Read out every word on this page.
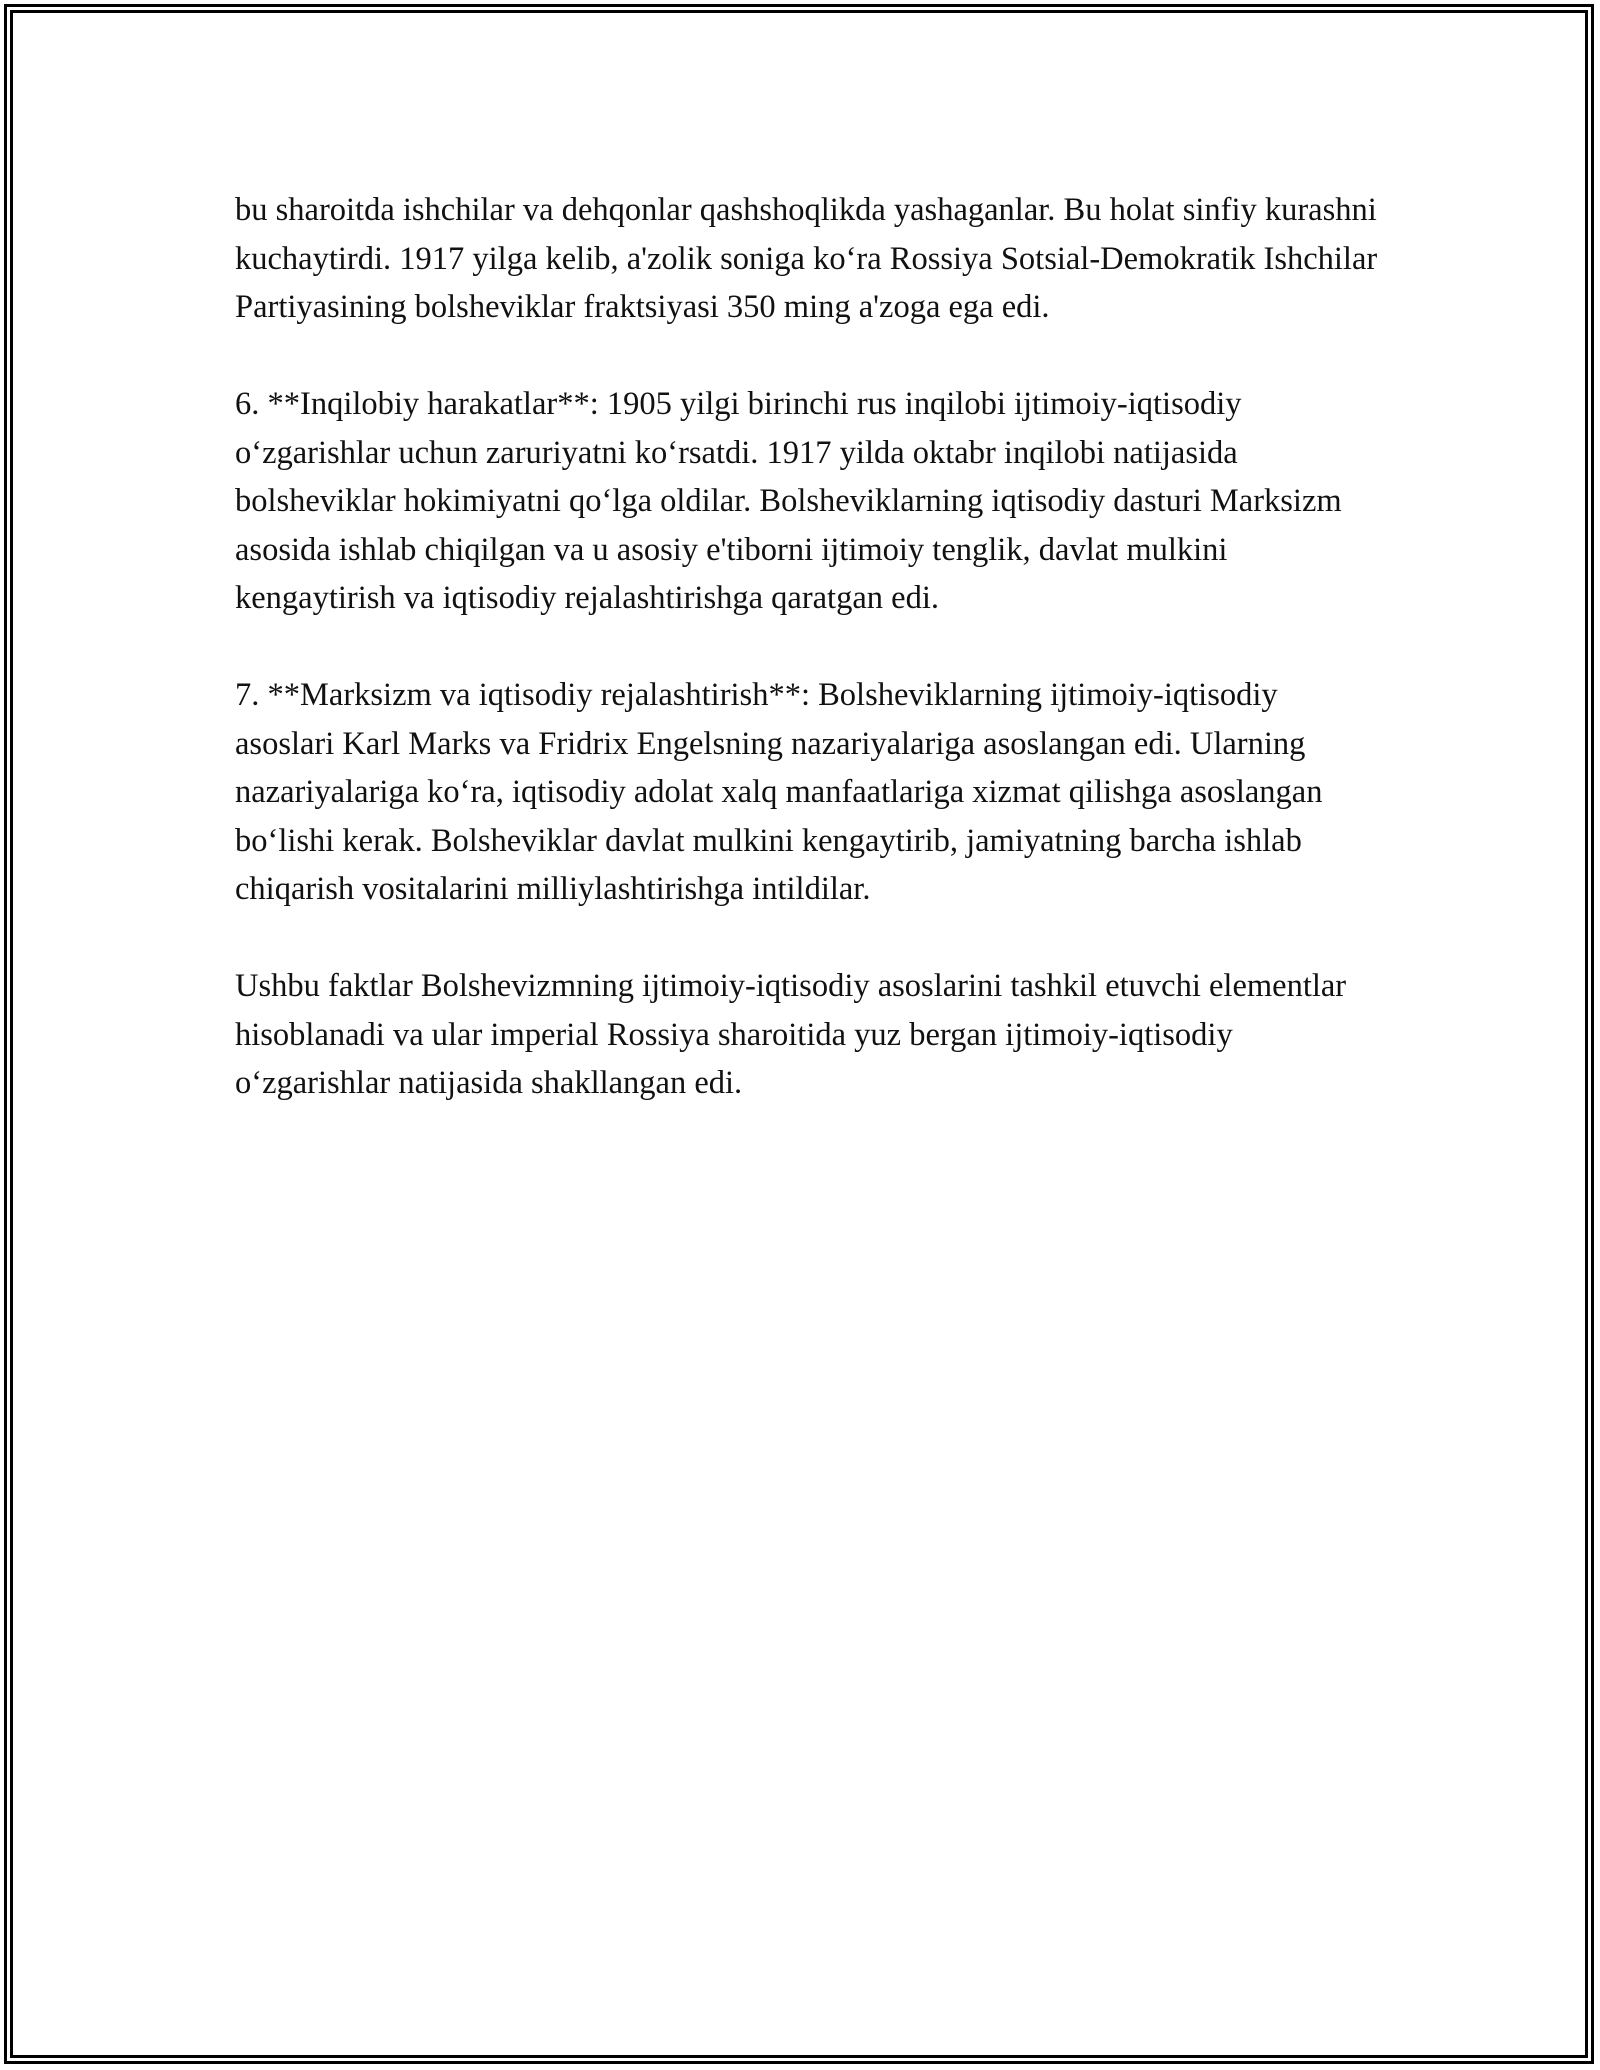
bu sharoitda ishchilar va dehqonlar qashshoqlikda yashaganlar. Bu holat sinfiy kurashni kuchaytirdi. 1917 yilga kelib, a'zolik soniga ko‘ra Rossiya Sotsial-Demokratik Ishchilar Partiyasining bolsheviklar fraktsiyasi 350 ming a'zoga ega edi.

6. **Inqilobiy harakatlar**: 1905 yilgi birinchi rus inqilobi ijtimoiy-iqtisodiy o‘zgarishlar uchun zaruriyatni ko‘rsatdi. 1917 yilda oktabr inqilobi natijasida bolsheviklar hokimiyatni qo‘lga oldilar. Bolsheviklarning iqtisodiy dasturi Marksizm asosida ishlab chiqilgan va u asosiy e'tiborni ijtimoiy tenglik, davlat mulkini kengaytirish va iqtisodiy rejalashtirishga qaratgan edi.

7. **Marksizm va iqtisodiy rejalashtirish**: Bolsheviklarning ijtimoiy-iqtisodiy asoslari Karl Marks va Fridrix Engelsning nazariyalariga asoslangan edi. Ularning nazariyalariga ko‘ra, iqtisodiy adolat xalq manfaatlariga xizmat qilishga asoslangan bo‘lishi kerak. Bolsheviklar davlat mulkini kengaytirib, jamiyatning barcha ishlab chiqarish vositalarini milliylashtirishga intildilar.

Ushbu faktlar Bolshevizmning ijtimoiy-iqtisodiy asoslarini tashkil etuvchi elementlar hisoblanadi va ular imperial Rossiya sharoitida yuz bergan ijtimoiy-iqtisodiy o‘zgarishlar natijasida shakllangan edi.
